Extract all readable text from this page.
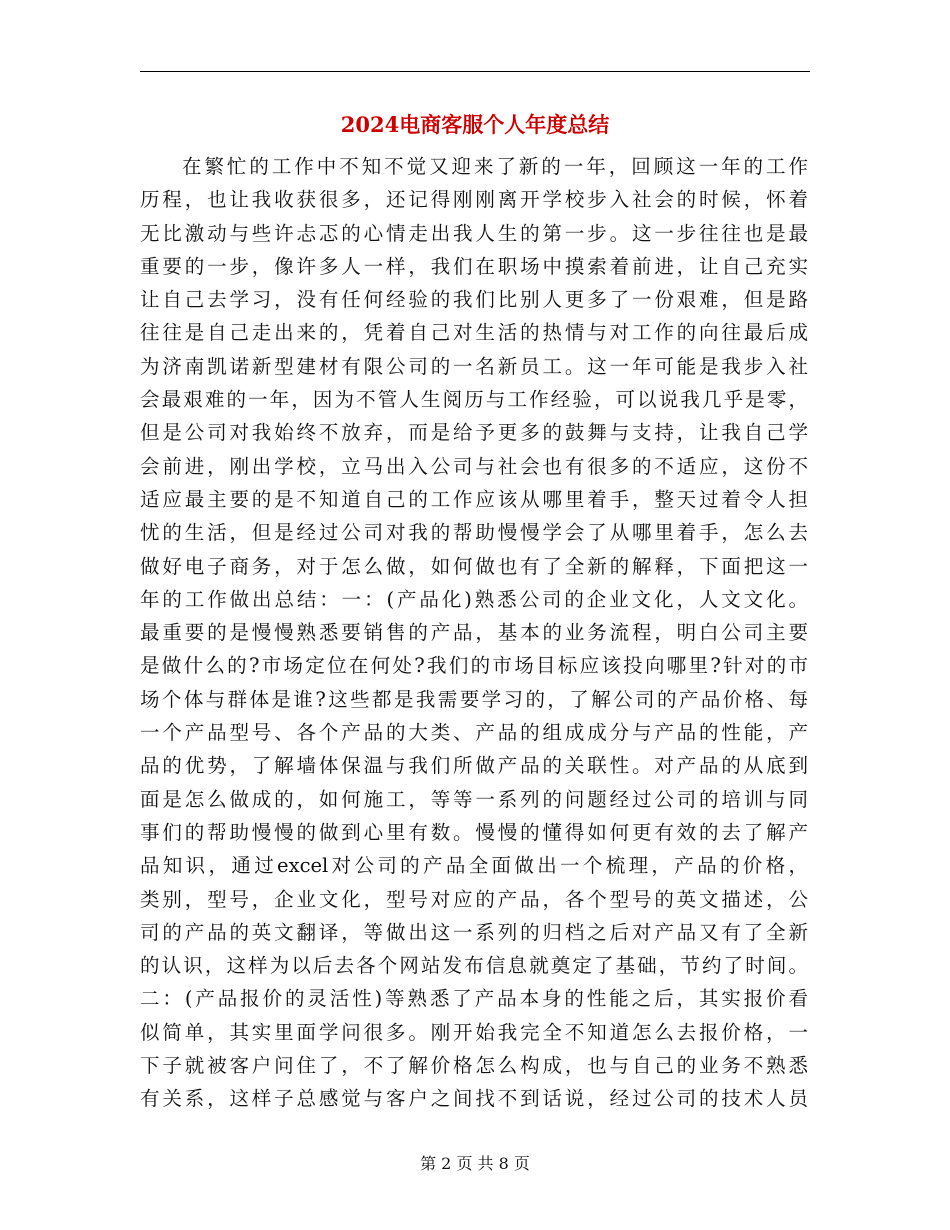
2024电商客服个人年度总结
在繁忙的工作中不知不觉又迎来了新的一年，回顾这一年的工作
历程，也让我收获很多，还记得刚刚离开学校步入社会的时候，怀着
无比激动与些许忐忑的心情走出我人生的第一步。这一步往往也是最
重要的一步，像许多人一样，我们在职场中摸索着前进，让自己充实
让自己去学习，没有任何经验的我们比别人更多了一份艰难，但是路
往往是自己走出来的，凭着自己对生活的热情与对工作的向往最后成
为济南凯诺新型建材有限公司的一名新员工。这一年可能是我步入社
会最艰难的一年，因为不管人生阅历与工作经验，可以说我几乎是零，
但是公司对我始终不放弃，而是给予更多的鼓舞与支持，让我自己学
会前进，刚出学校，立马出入公司与社会也有很多的不适应，这份不
适应最主要的是不知道自己的工作应该从哪里着手，整天过着令人担
忧的生活，但是经过公司对我的帮助慢慢学会了从哪里着手，怎么去
做好电子商务，对于怎么做，如何做也有了全新的解释，下面把这一
年的工作做出总结：一：(产品化)熟悉公司的企业文化，人文文化。
最重要的是慢慢熟悉要销售的产品，基本的业务流程，明白公司主要
是做什么的?市场定位在何处?我们的市场目标应该投向哪里?针对的市
场个体与群体是谁?这些都是我需要学习的，了解公司的产品价格、每
一个产品型号、各个产品的大类、产品的组成成分与产品的性能，产
品的优势，了解墙体保温与我们所做产品的关联性。对产品的从底到
面是怎么做成的，如何施工，等等一系列的问题经过公司的培训与同
事们的帮助慢慢的做到心里有数。慢慢的懂得如何更有效的去了解产
品知识，通过excel对公司的产品全面做出一个梳理，产品的价格，
类别，型号，企业文化，型号对应的产品，各个型号的英文描述，公
司的产品的英文翻译，等做出这一系列的归档之后对产品又有了全新
的认识，这样为以后去各个网站发布信息就奠定了基础，节约了时间。
二：(产品报价的灵活性)等熟悉了产品本身的性能之后，其实报价看
似简单，其实里面学问很多。刚开始我完全不知道怎么去报价格，一
下子就被客户问住了，不了解价格怎么构成，也与自己的业务不熟悉
有关系，这样子总感觉与客户之间找不到话说，经过公司的技术人员
第 2 页 共 8 页
